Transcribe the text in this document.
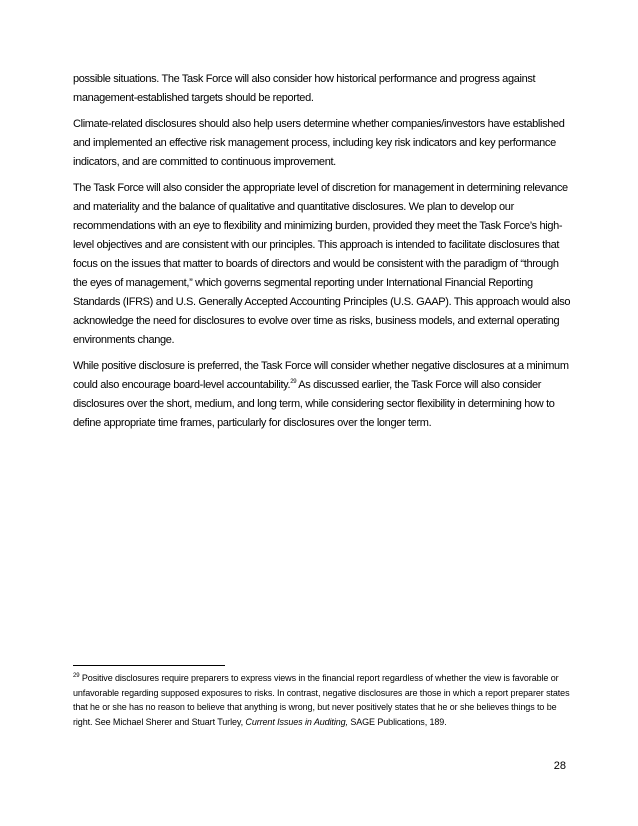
possible situations. The Task Force will also consider how historical performance and progress against management-established targets should be reported.

Climate-related disclosures should also help users determine whether companies/investors have established and implemented an effective risk management process, including key risk indicators and key performance indicators, and are committed to continuous improvement.

The Task Force will also consider the appropriate level of discretion for management in determining relevance and materiality and the balance of qualitative and quantitative disclosures. We plan to develop our recommendations with an eye to flexibility and minimizing burden, provided they meet the Task Force’s high-level objectives and are consistent with our principles. This approach is intended to facilitate disclosures that focus on the issues that matter to boards of directors and would be consistent with the paradigm of “through the eyes of management,” which governs segmental reporting under International Financial Reporting Standards (IFRS) and U.S. Generally Accepted Accounting Principles (U.S. GAAP). This approach would also acknowledge the need for disclosures to evolve over time as risks, business models, and external operating environments change.

While positive disclosure is preferred, the Task Force will consider whether negative disclosures at a minimum could also encourage board-level accountability.$^{29}$ As discussed earlier, the Task Force will also consider disclosures over the short, medium, and long term, while considering sector flexibility in determining how to define appropriate time frames, particularly for disclosures over the longer term.

$^{29}$ Positive disclosures require preparers to express views in the financial report regardless of whether the view is favorable or unfavorable regarding supposed exposures to risks. In contrast, negative disclosures are those in which a report preparer states that he or she has no reason to believe that anything is wrong, but never positively states that he or she believes things to be right. See Michael Sherer and Stuart Turley, Current Issues in Auditing, SAGE Publications, 189.
28
